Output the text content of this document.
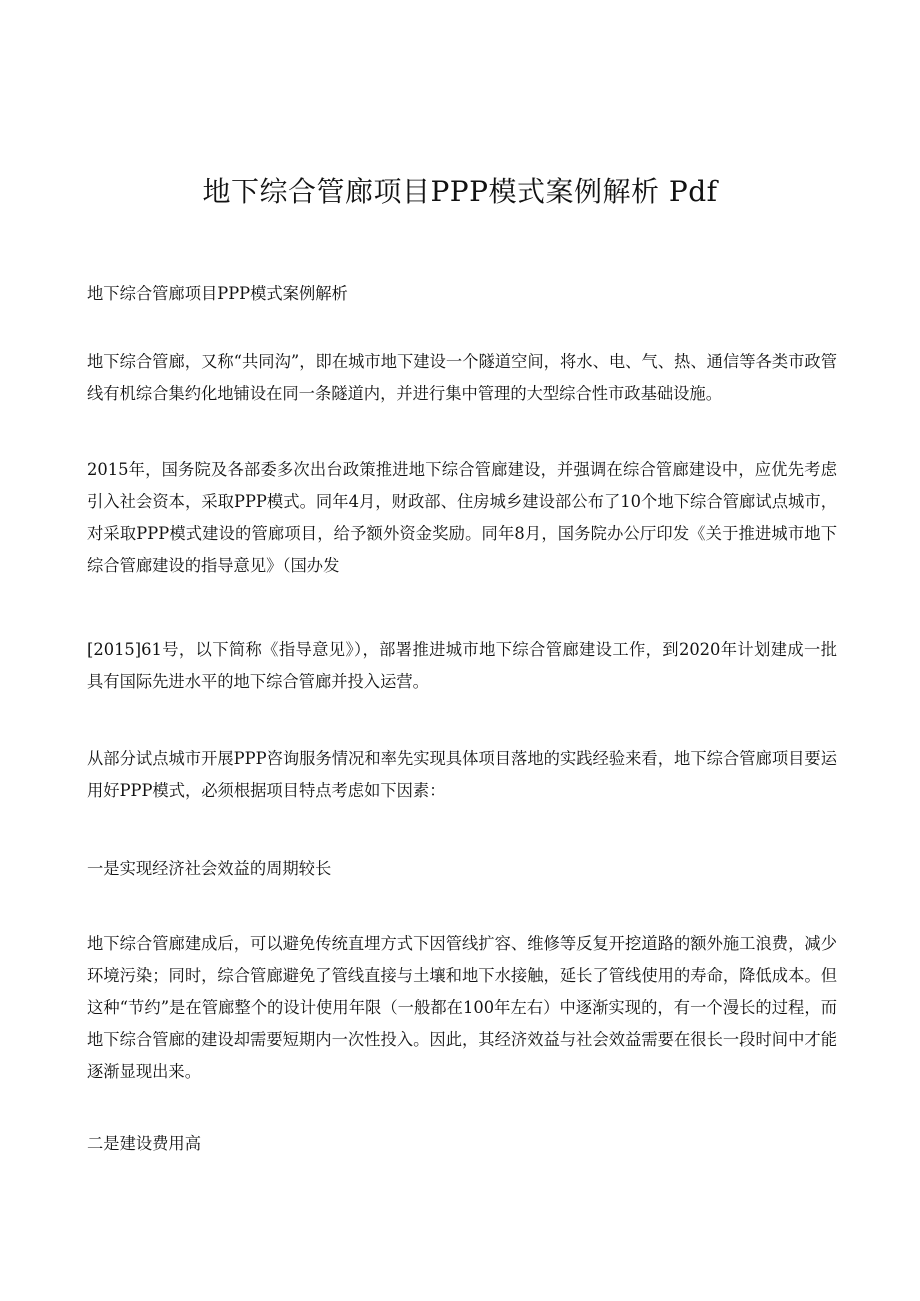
地下综合管廊项目PPP模式案例解析 Pdf
地下综合管廊项目PPP模式案例解析
地下综合管廊，又称“共同沟”，即在城市地下建设一个隧道空间，将水、电、气、热、通信等各类市政管线有机综合集约化地铺设在同一条隧道内，并进行集中管理的大型综合性市政基础设施。
2015年，国务院及各部委多次出台政策推进地下综合管廊建设，并强调在综合管廊建设中，应优先考虑引入社会资本，采取PPP模式。同年4月，财政部、住房城乡建设部公布了10个地下综合管廊试点城市，对采取PPP模式建设的管廊项目，给予额外资金奖励。同年8月，国务院办公厅印发《关于推进城市地下综合管廊建设的指导意见》（国办发
[2015]61号，以下简称《指导意见》），部署推进城市地下综合管廊建设工作，到2020年计划建成一批具有国际先进水平的地下综合管廊并投入运营。
从部分试点城市开展PPP咨询服务情况和率先实现具体项目落地的实践经验来看，地下综合管廊项目要运用好PPP模式，必须根据项目特点考虑如下因素：
一是实现经济社会效益的周期较长
地下综合管廊建成后，可以避免传统直埋方式下因管线扩容、维修等反复开挖道路的额外施工浪费，减少环境污染；同时，综合管廊避免了管线直接与土壤和地下水接触，延长了管线使用的寿命，降低成本。但这种“节约”是在管廊整个的设计使用年限（一般都在100年左右）中逐渐实现的，有一个漫长的过程，而地下综合管廊的建设却需要短期内一次性投入。因此，其经济效益与社会效益需要在很长一段时间中才能逐渐显现出来。
二是建设费用高
